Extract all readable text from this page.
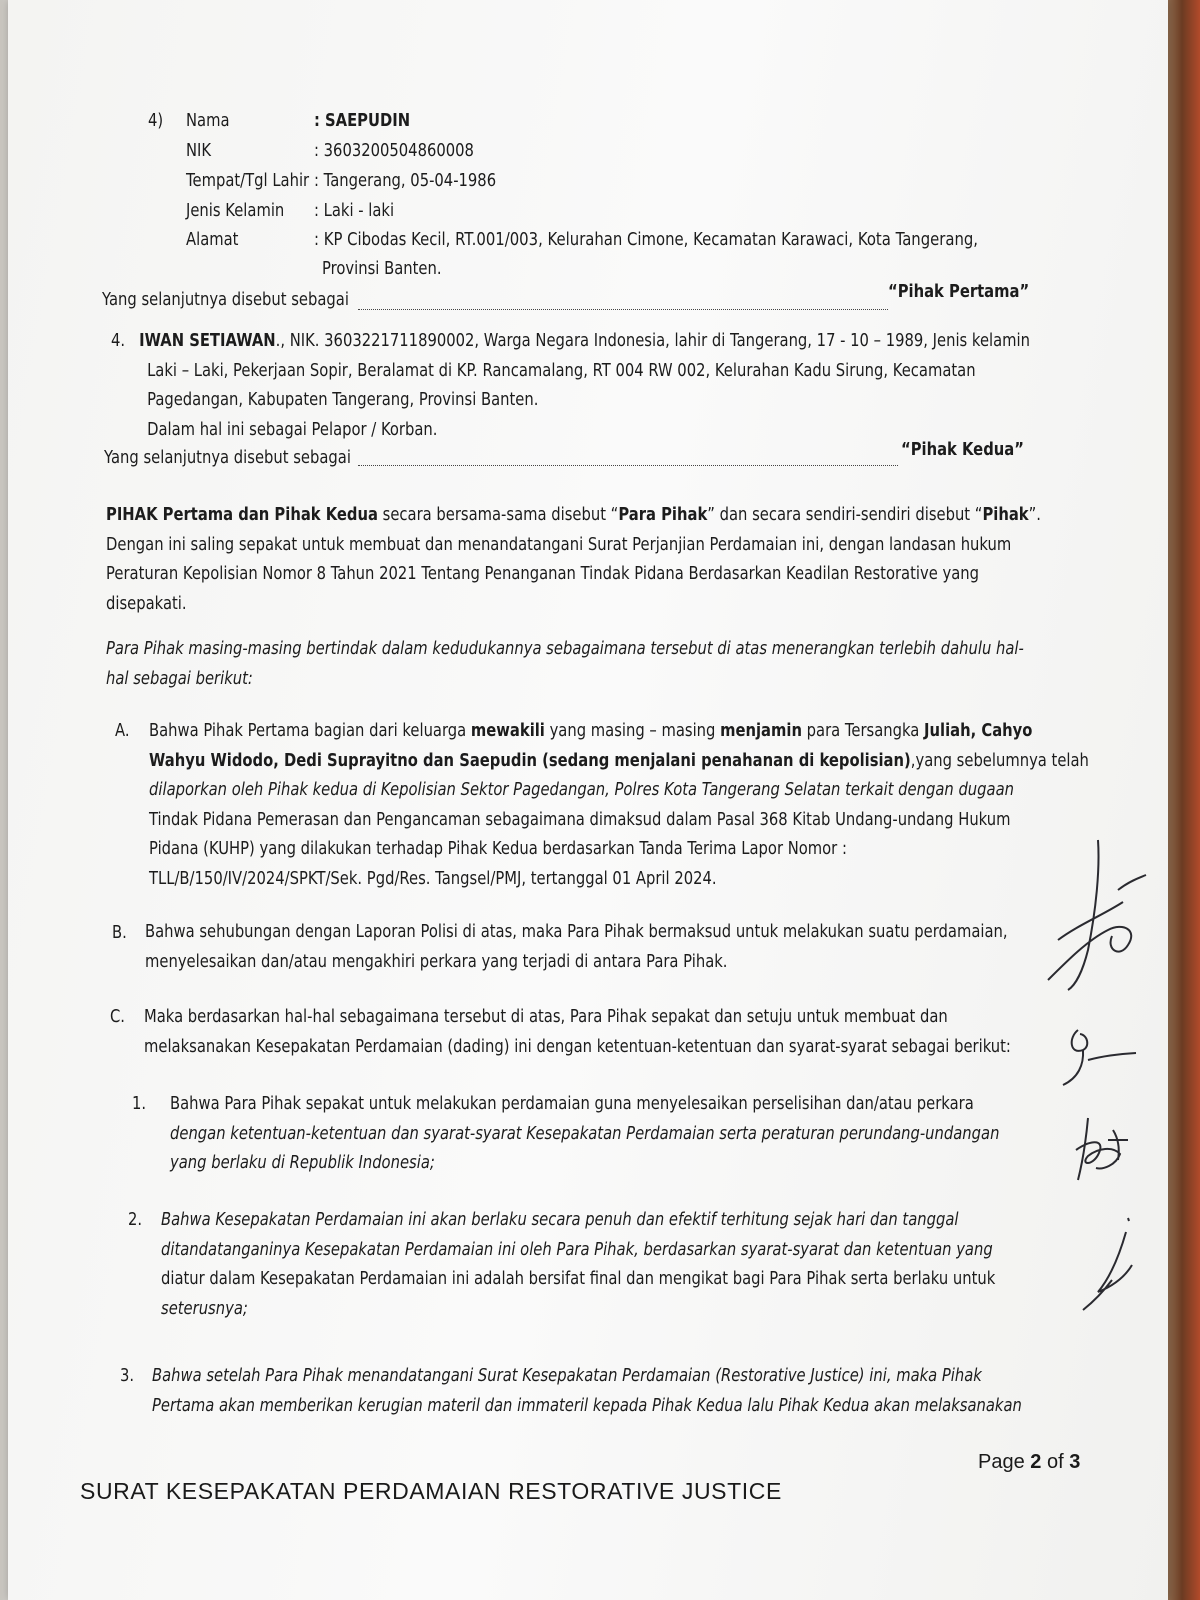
4) Nama
NIK
Tempat/Tgl Lahir
Jenis Kelamin
Alamat
: SAEPUDIN
: 3603200504860008
: Tangerang, 05-04-1986
: Laki - laki
: KP Cibodas Kecil, RT.001/003, Kelurahan Cimone, Kecamatan Karawaci, Kota Tangerang,
Provinsi Banten.
Yang selanjutnya disebut sebagai	“Pihak Pertama”

4. IWAN SETIAWAN., NIK. 3603221711890002, Warga Negara Indonesia, lahir di Tangerang, 17 - 10 – 1989, Jenis kelamin

Laki – Laki, Pekerjaan Sopir, Beralamat di KP. Rancamalang, RT 004 RW 002, Kelurahan Kadu Sirung, Kecamatan

Pagedangan, Kabupaten Tangerang, Provinsi Banten.

Dalam hal ini sebagai Pelapor / Korban.

Yang selanjutnya disebut sebagai	“Pihak Kedua”

PIHAK Pertama dan Pihak Kedua secara bersama-sama disebut “Para Pihak” dan secara sendiri-sendiri disebut “Pihak”.

Dengan ini saling sepakat untuk membuat dan menandatangani Surat Perjanjian Perdamaian ini, dengan landasan hukum

Peraturan Kepolisian Nomor 8 Tahun 2021 Tentang Penanganan Tindak Pidana Berdasarkan Keadilan Restorative yang

disepakati.

Para Pihak masing-masing bertindak dalam kedudukannya sebagaimana tersebut di atas menerangkan terlebih dahulu hal-

hal sebagai berikut:

A. Bahwa Pihak Pertama bagian dari keluarga mewakili yang masing – masing menjamin para Tersangka Juliah, Cahyo

Wahyu Widodo, Dedi Suprayitno dan Saepudin (sedang menjalani penahanan di kepolisian),yang sebelumnya telah

dilaporkan oleh Pihak kedua di Kepolisian Sektor Pagedangan, Polres Kota Tangerang Selatan terkait dengan dugaan

Tindak Pidana Pemerasan dan Pengancaman sebagaimana dimaksud dalam Pasal 368 Kitab Undang-undang Hukum

Pidana (KUHP) yang dilakukan terhadap Pihak Kedua berdasarkan Tanda Terima Lapor Nomor :

TLL/B/150/IV/2024/SPKT/Sek. Pgd/Res. Tangsel/PMJ, tertanggal 01 April 2024.

B. Bahwa sehubungan dengan Laporan Polisi di atas, maka Para Pihak bermaksud untuk melakukan suatu perdamaian,

menyelesaikan dan/atau mengakhiri perkara yang terjadi di antara Para Pihak.

C. Maka berdasarkan hal-hal sebagaimana tersebut di atas, Para Pihak sepakat dan setuju untuk membuat dan

melaksanakan Kesepakatan Perdamaian (dading) ini dengan ketentuan-ketentuan dan syarat-syarat sebagai berikut:

1. Bahwa Para Pihak sepakat untuk melakukan perdamaian guna menyelesaikan perselisihan dan/atau perkara

dengan ketentuan-ketentuan dan syarat-syarat Kesepakatan Perdamaian serta peraturan perundang-undangan

yang berlaku di Republik Indonesia;

2. Bahwa Kesepakatan Perdamaian ini akan berlaku secara penuh dan efektif terhitung sejak hari dan tanggal

ditandatanganinya Kesepakatan Perdamaian ini oleh Para Pihak, berdasarkan syarat-syarat dan ketentuan yang

diatur dalam Kesepakatan Perdamaian ini adalah bersifat final dan mengikat bagi Para Pihak serta berlaku untuk

seterusnya;

3. Bahwa setelah Para Pihak menandatangani Surat Kesepakatan Perdamaian (Restorative Justice) ini, maka Pihak

Pertama akan memberikan kerugian materil dan immateril kepada Pihak Kedua lalu Pihak Kedua akan melaksanakan

Page 2 of 3
SURAT KESEPAKATAN PERDAMAIAN RESTORATIVE JUSTICE
